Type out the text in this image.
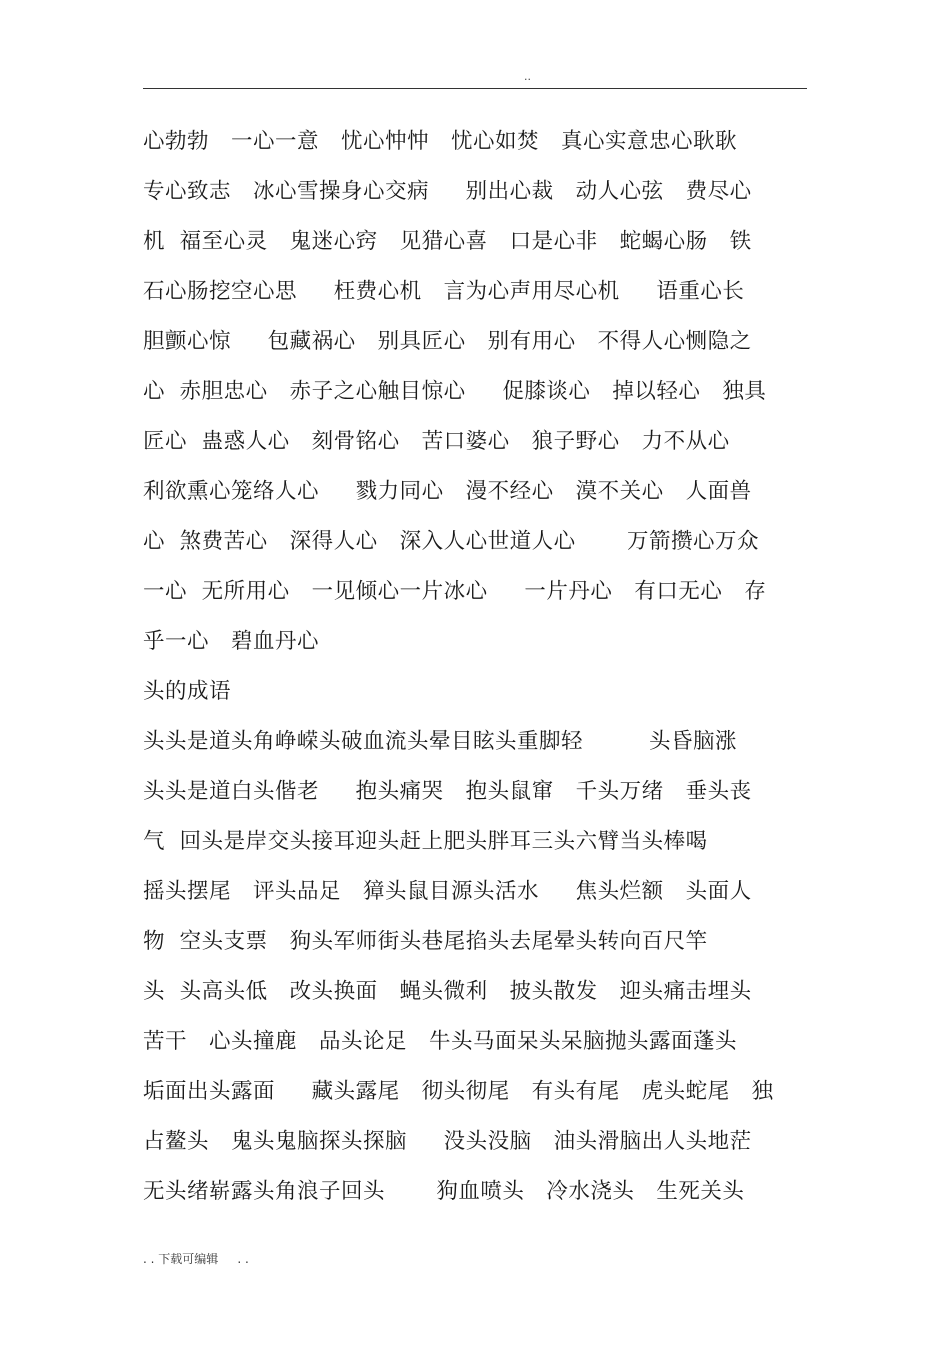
..
心勃勃   一心一意   忧心忡忡   忧心如焚   真心实意忠心耿耿
专心致志   冰心雪操身心交病     别出心裁   动人心弦   费尽心
机  福至心灵   鬼迷心窍   见猎心喜   口是心非   蛇蝎心肠   铁
石心肠挖空心思     枉费心机   言为心声用尽心机     语重心长
胆颤心惊     包藏祸心   别具匠心   别有用心   不得人心恻隐之
心  赤胆忠心   赤子之心触目惊心     促膝谈心   掉以轻心   独具
匠心  蛊惑人心   刻骨铭心   苦口婆心   狼子野心   力不从心
利欲熏心笼络人心     戮力同心   漫不经心   漠不关心   人面兽
心  煞费苦心   深得人心   深入人心世道人心       万箭攒心万众
一心  无所用心   一见倾心一片冰心     一片丹心   有口无心   存
乎一心   碧血丹心
头的成语
头头是道头角峥嵘头破血流头晕目眩头重脚轻         头昏脑涨
头头是道白头偕老     抱头痛哭   抱头鼠窜   千头万绪   垂头丧
气  回头是岸交头接耳迎头赶上肥头胖耳三头六臂当头棒喝
摇头摆尾   评头品足   獐头鼠目源头活水     焦头烂额   头面人
物  空头支票   狗头军师街头巷尾掐头去尾晕头转向百尺竿
头  头高头低   改头换面   蝇头微利   披头散发   迎头痛击埋头
苦干   心头撞鹿   品头论足   牛头马面呆头呆脑抛头露面蓬头
垢面出头露面     藏头露尾   彻头彻尾   有头有尾   虎头蛇尾   独
占鳌头   鬼头鬼脑探头探脑     没头没脑   油头滑脑出人头地茫
无头绪崭露头角浪子回头       狗血喷头   冷水浇头   生死关头
. . 下载可编辑     . .
